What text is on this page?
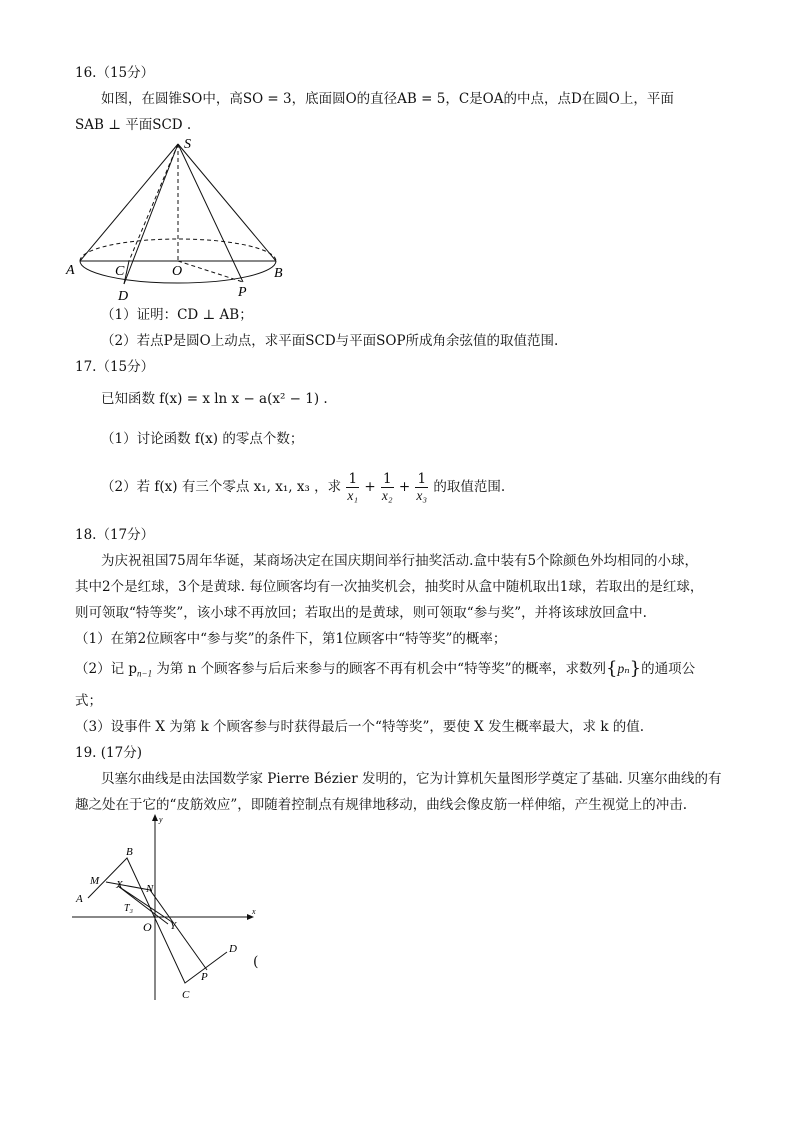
16.（15分）
如图，在圆锥SO中，高SO = 3，底面圆O的直径AB = 5，C是OA的中点，点D在圆O上，平面
SAB ⊥ 平面SCD .
S
A	B
C	O
D	P
（1）证明：CD ⊥ AB；
（2）若点P是圆O上动点，求平面SCD与平面SOP所成角余弦值的取值范围.
17.（15分）
已知函数 f(x) = x ln x − a(x² − 1) .
（1）讨论函数 f(x) 的零点个数；
（2）若 f(x) 有三个零点 x₁, x₁, x₃ ，求 $\frac{1}{\text{x₁}} + \frac{1}{\text{x₂}} + \frac{1}{\text{x₃}}$ 的取值范围.
18.（17分）
为庆祝祖国75周年华诞，某商场决定在国庆期间举行抽奖活动.盒中装有5个除颜色外均相同的小球，
其中2个是红球，3个是黄球. 每位顾客均有一次抽奖机会，抽奖时从盒中随机取出1球，若取出的是红球，
则可领取“特等奖”，该小球不再放回；若取出的是黄球，则可领取“参与奖”，并将该球放回盒中.
（1）在第2位顾客中“参与奖”的条件下，第1位顾客中“特等奖”的概率；
（2）记 $p_{n-1}$ 为第 n 个顾客参与后后来参与的顾客不再有机会中“特等奖”的概率，求数列{pₙ}的通项公
式；
（3）设事件 X 为第 k 个顾客参与时获得最后一个“特等奖”，要使 X 发生概率最大，求 k 的值.
19. (17分)
贝塞尔曲线是由法国数学家 Pierre Bézier 发明的，它为计算机矢量图形学奠定了基础. 贝塞尔曲线的有
趣之处在于它的“皮筋效应”，即随着控制点有规律地移动，曲线会像皮筋一样伸缩，产生视觉上的冲击.
y
x
B
M X N
A
T₃
O Y
D
P
C
(
